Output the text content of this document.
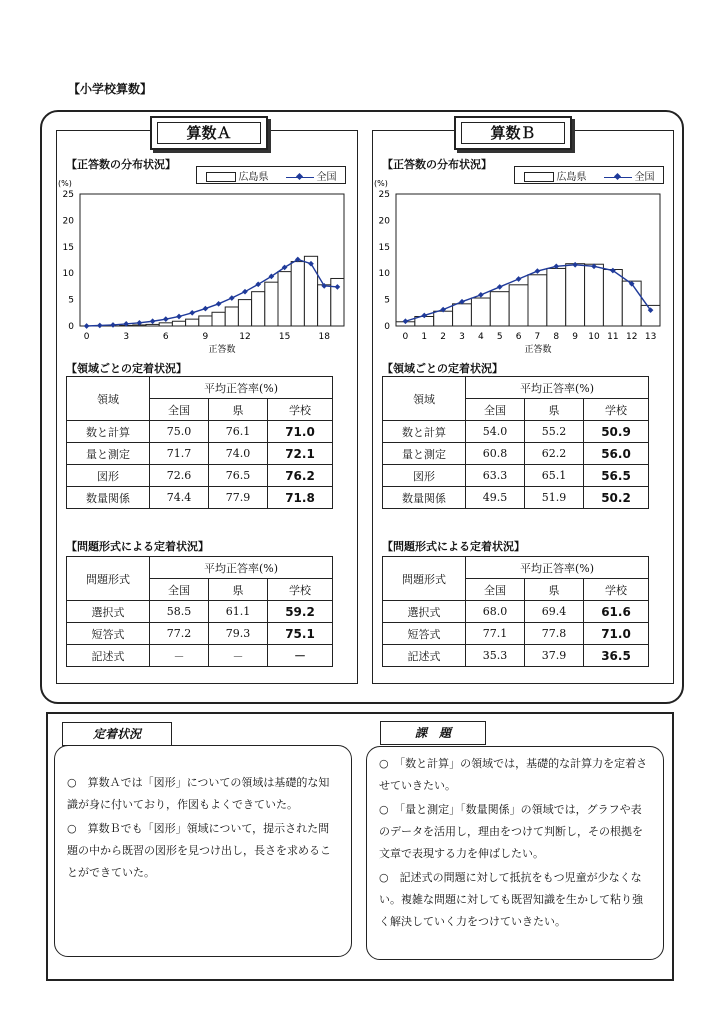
【小学校算数】
算数Ａ
【正答数の分布状況】
広島県	全国
(%)
0
5
10
15
20
25
0	3	6	9	12	15	18
正答数
【領域ごとの定着状況】
領域	平均正答率(%)		
	全国	県	学校
数と計算	75.0	76.1	71.0
量と測定	71.7	74.0	72.1
図形	72.6	76.5	76.2
数量関係	74.4	77.9	71.8
【問題形式による定着状況】
問題形式	平均正答率(%)		
	全国	県	学校
選択式	58.5	61.1	59.2
短答式	77.2	79.3	75.1
記述式	－	－	－
算数Ｂ
【正答数の分布状況】
広島県	全国
(%)
0
5
10
15
20
25
0 1 2 3 4 5 6 7 8 9 10 11 12 13
正答数
【領域ごとの定着状況】
領域	平均正答率(%)		
	全国	県	学校
数と計算	54.0	55.2	50.9
量と測定	60.8	62.2	56.0
図形	63.3	65.1	56.5
数量関係	49.5	51.9	50.2
【問題形式による定着状況】
問題形式	平均正答率(%)		
	全国	県	学校
選択式	68.0	69.4	61.6
短答式	77.1	77.8	71.0
記述式	35.3	37.9	36.5

○　算数Ａでは「図形」についての領域は基礎的な知識が身に付いており，作図もよくできていた。

○　算数Ｂでも「図形」領域について，提示された問題の中から既習の図形を見つけ出し，長さを求めることができていた。

定着状況

○　「数と計算」の領域では，基礎的な計算力を定着させていきたい。

○　「量と測定」「数量関係」の領域では，グラフや表のデータを活用し，理由をつけて判断し，その根拠を文章で表現する力を伸ばしたい。

○　記述式の問題に対して抵抗をもつ児童が少なくない。複雑な問題に対しても既習知識を生かして粘り強く解決していく力をつけていきたい。

課　題
